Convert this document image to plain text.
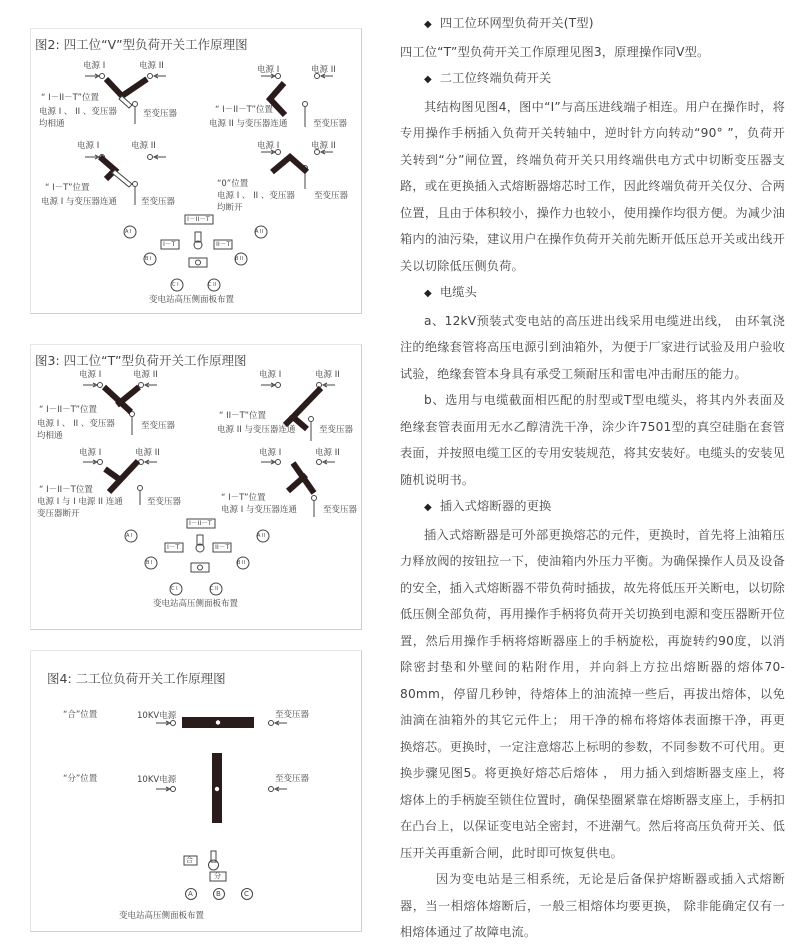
图2: 四工位“V”型负荷开关工作原理图
电源 I	电源 II
“ I－II－T”位置
电源 I 、 II 、变压器
均相通
至变压器
电源 I	电源 II
“ I－II－T”位置
电源 II 与变压器连通	至变压器
电源 I	电源 II
“ I－T”位置
电源 I 与变压器连通	至变压器
电源 I	电源 II
“0”位置
电源 I 、 II 、变压器
均断开
至变压器
I－II－T
I－T	II－T
A I	A II
B I	B II
C I	C II
变电站高压侧面板布置
图3: 四工位“T”型负荷开关工作原理图
电源 I	电源 II
“ I－II－T”位置
电源 I 、 II 、变压器
均相通
至变压器
电源 I	电源 II
“ II－T”位置
电源 II 与变压器连通	至变压器
电源 I	电源 II
“ I－II－T位置
电源 I 与 I 电源 II 连通
变压器断开
至变压器
电源 I	电源 II
“ I－T”位置
电源 I 与变压器连通	至变压器
I－II－T
I－T	II－T
A I	A II
B I	B II
C I	C II
变电站高压侧面板布置
图4: 二工位负荷开关工作原理图
“合”位置	10KV电源	至变压器
“分”位置	10KV电源	至变压器
合
分
A	B	C
变电站高压侧面板布置

◆ 四工位环网型负荷开关(T型)

四工位“T”型负荷开关工作原理见图3，原理操作同V型。

◆ 二工位终端负荷开关

其结构图见图4，图中“I”与高压进线端子相连。用户在操作时，将专用操作手柄插入负荷开关转轴中，逆时针方向转动“90° ”，负荷开关转到“分”闸位置，终端负荷开关只用终端供电方式中切断变压器支路，或在更换插入式熔断器熔芯时工作，因此终端负荷开关仅分、合两位置，且由于体积较小，操作力也较小，使用操作均很方便。为减少油箱内的油污染，建议用户在操作负荷开关前先断开低压总开关或出线开关以切除低压侧负荷。

◆ 电缆头

a、12kV预装式变电站的高压进出线采用电缆进出线， 由环氧浇注的绝缘套管将高压电源引到油箱外，为便于厂家进行试验及用户验收试验，绝缘套管本身具有承受工频耐压和雷电冲击耐压的能力。

b、选用与电缆截面相匹配的肘型或T型电缆头，将其内外表面及绝缘套管表面用无水乙醇清洗干净，涂少许7501型的真空硅脂在套管表面，并按照电缆工区的专用安装规范，将其安装好。电缆头的安装见随机说明书。

◆ 插入式熔断器的更换

插入式熔断器是可外部更换熔芯的元件，更换时，首先将上油箱压力释放阀的按钮拉一下，使油箱内外压力平衡。为确保操作人员及设备的安全，插入式熔断器不带负荷时插拔，故先将低压开关断电，以切除低压侧全部负荷，再用操作手柄将负荷开关切换到电源和变压器断开位置，然后用操作手柄将熔断器座上的手柄旋松，再旋转约90度，以消除密封垫和外壁间的粘附作用，并向斜上方拉出熔断器的熔体70-80mm，停留几秒钟，待熔体上的油流掉一些后，再拔出熔体，以免油滴在油箱外的其它元件上； 用干净的棉布将熔体表面擦干净，再更换熔芯。更换时，一定注意熔芯上标明的参数，不同参数不可代用。更换步骤见图5。将更换好熔芯后熔体 ， 用力插入到熔断器支座上，将熔体上的手柄旋至锁住位置时，确保垫圈紧靠在熔断器支座上，手柄扣在凸台上，以保证变电站全密封，不进潮气。然后将高压负荷开关、低压开关再重新合闸，此时即可恢复供电。

因为变电站是三相系统，无论是后备保护熔断器或插入式熔断器，当一相熔体熔断后，一般三相熔体均要更换， 除非能确定仅有一相熔体通过了故障电流。
